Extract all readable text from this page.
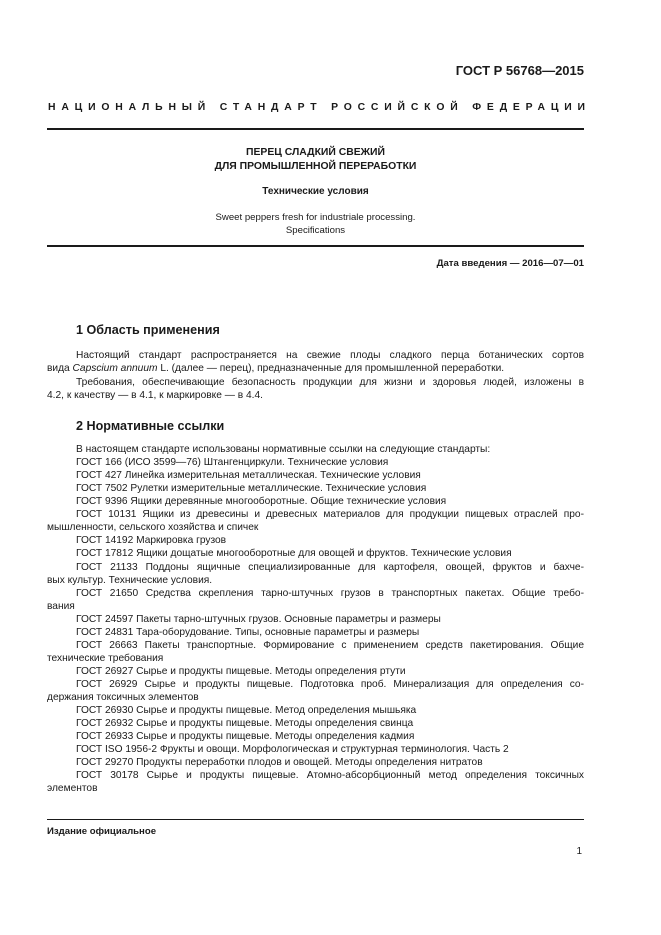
ГОСТ Р 56768—2015
НАЦИОНАЛЬНЫЙ СТАНДАРТ РОССИЙСКОЙ ФЕДЕРАЦИИ
ПЕРЕЦ СЛАДКИЙ СВЕЖИЙ
ДЛЯ ПРОМЫШЛЕННОЙ ПЕРЕРАБОТКИ
Технические условия
Sweet peppers fresh for industriale processing.
Specifications
Дата введения — 2016—07—01
1 Область применения
Настоящий стандарт распространяется на свежие плоды сладкого перца ботанических сортов
вида Capscium annuum L. (далее — перец), предназначенные для промышленной переработки.
Требования, обеспечивающие безопасность продукции для жизни и здоровья людей, изложены в
4.2, к качеству — в 4.1, к маркировке — в 4.4.
2 Нормативные ссылки
В настоящем стандарте использованы нормативные ссылки на следующие стандарты:
ГОСТ 166 (ИСО 3599—76) Штангенциркули. Технические условия
ГОСТ 427 Линейка измерительная металлическая. Технические условия
ГОСТ 7502 Рулетки измерительные металлические. Технические условия
ГОСТ 9396 Ящики деревянные многооборотные. Общие технические условия
ГОСТ 10131 Ящики из древесины и древесных материалов для продукции пищевых отраслей про-
мышленности, сельского хозяйства и спичек
ГОСТ 14192 Маркировка грузов
ГОСТ 17812 Ящики дощатые многооборотные для овощей и фруктов. Технические условия
ГОСТ 21133 Поддоны ящичные специализированные для картофеля, овощей, фруктов и бахче-
вых культур. Технические условия.
ГОСТ 21650 Средства скрепления тарно-штучных грузов в транспортных пакетах. Общие требо-
вания
ГОСТ 24597 Пакеты тарно-штучных грузов. Основные параметры и размеры
ГОСТ 24831 Тара-оборудование. Типы, основные параметры и размеры
ГОСТ 26663 Пакеты транспортные. Формирование с применением средств пакетирования. Общие
технические требования
ГОСТ 26927 Сырье и продукты пищевые. Методы определения ртути
ГОСТ 26929 Сырье и продукты пищевые. Подготовка проб. Минерализация для определения со-
держания токсичных элементов
ГОСТ 26930 Сырье и продукты пищевые. Метод определения мышьяка
ГОСТ 26932 Сырье и продукты пищевые. Методы определения свинца
ГОСТ 26933 Сырье и продукты пищевые. Методы определения кадмия
ГОСТ ISO 1956-2 Фрукты и овощи. Морфологическая и структурная терминология. Часть 2
ГОСТ 29270 Продукты переработки плодов и овощей. Методы определения нитратов
ГОСТ 30178 Сырье и продукты пищевые. Атомно-абсорбционный метод определения токсичных
элементов
Издание официальное
1
